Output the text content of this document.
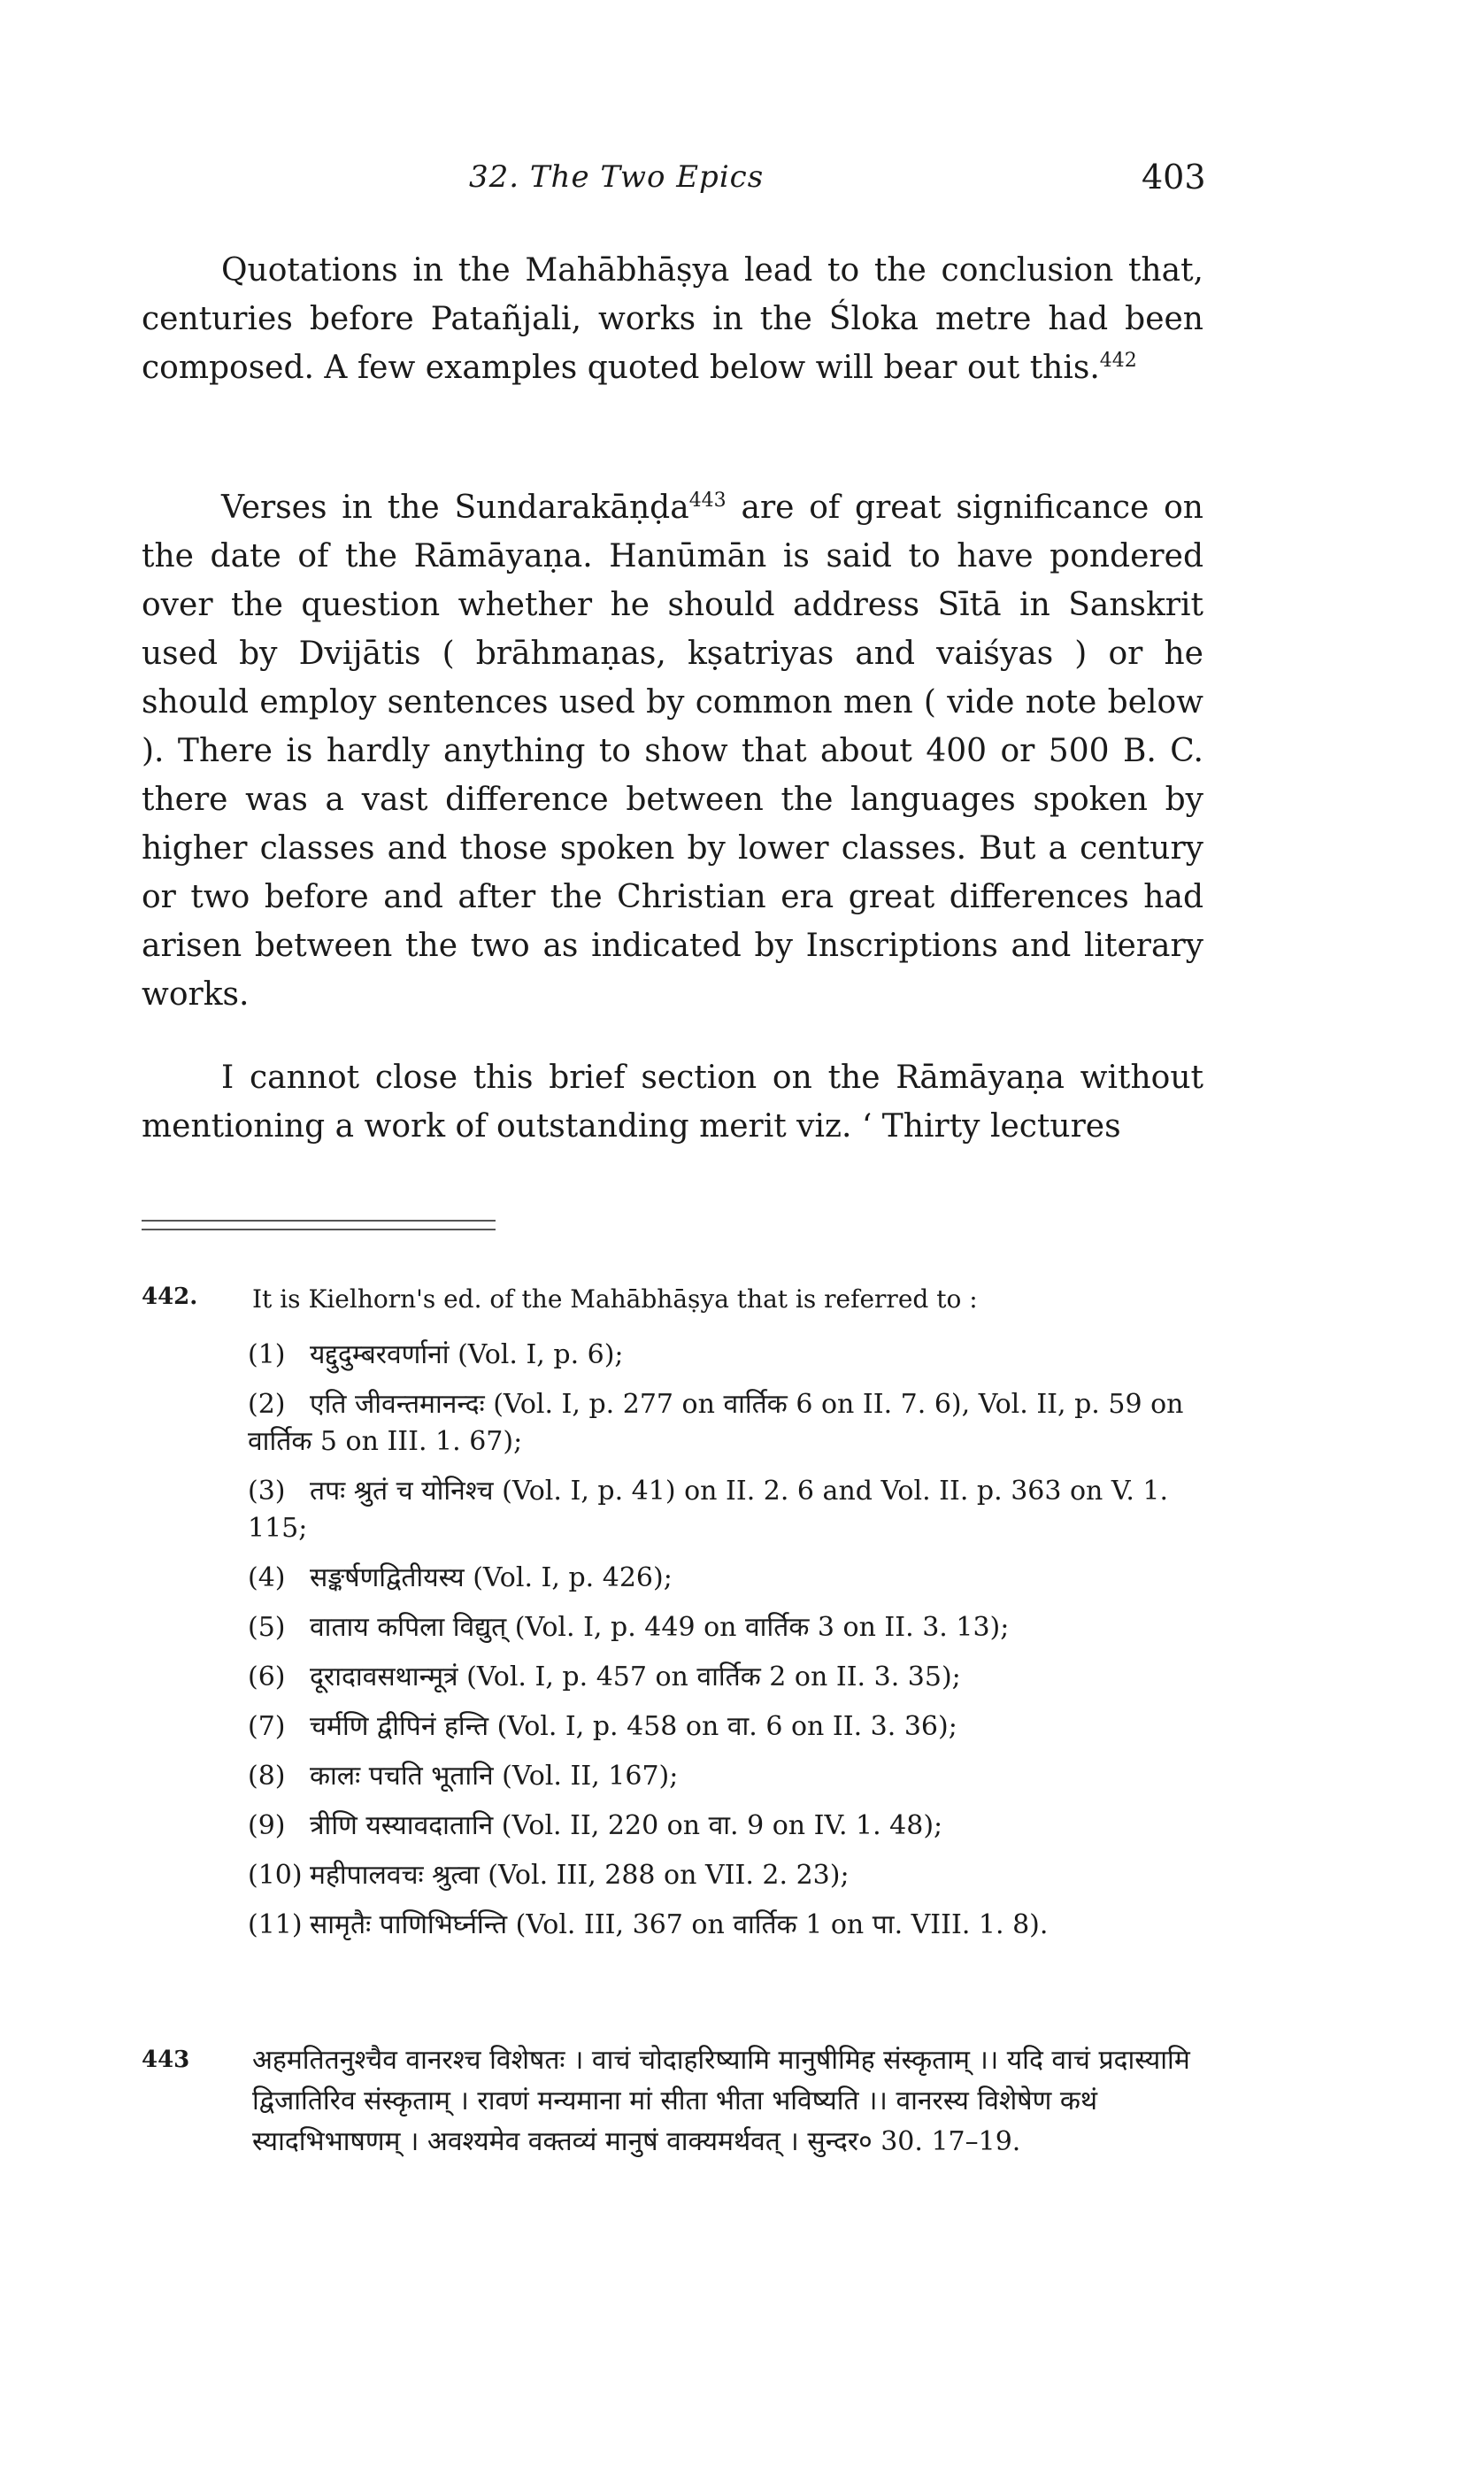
32. The Two Epics	403

Quotations in the Mahābhāṣya lead to the conclusion that, centuries before Patañjali, works in the Śloka metre had been composed. A few examples quoted below will bear out this.$^{442}$

Verses in the Sundarakāṇḍa$^{443}$ are of great significance on the date of the Rāmāyaṇa. Hanūmān is said to have pondered over the question whether he should address Sītā in Sanskrit used by Dvijātis ( brāhmaṇas, kṣatriyas and vaiśyas ) or he should employ sentences used by common men ( vide note below ). There is hardly anything to show that about 400 or 500 B. C. there was a vast difference between the languages spoken by higher classes and those spoken by lower classes. But a century or two before and after the Christian era great differences had arisen between the two as indicated by Inscriptions and literary works.

I cannot close this brief section on the Rāmāyaṇa without mentioning a work of outstanding merit viz. ‘ Thirty lectures

442. It is Kielhorn's ed. of the Mahābhāṣya that is referred to :
(1) यद्दुदुम्बरवर्णानां (Vol. I, p. 6);
(2) एति जीवन्तमानन्दः (Vol. I, p. 277 on वार्तिक 6 on II. 7. 6), Vol. II, p. 59 on वार्तिक 5 on III. 1. 67);
(3) तपः श्रुतं च योनिश्च (Vol. I, p. 41) on II. 2. 6 and Vol. II. p. 363 on V. 1. 115;
(4) सङ्कर्षणद्वितीयस्य (Vol. I, p. 426);
(5) वाताय कपिला विद्युत् (Vol. I, p. 449 on वार्तिक 3 on II. 3. 13);
(6) दूरादावसथान्मूत्रं (Vol. I, p. 457 on वार्तिक 2 on II. 3. 35);
(7) चर्मणि द्वीपिनं हन्ति (Vol. I, p. 458 on वा. 6 on II. 3. 36);
(8) कालः पचति भूतानि (Vol. II, 167);
(9) त्रीणि यस्यावदातानि (Vol. II, 220 on वा. 9 on IV. 1. 48);
(10) महीपालवचः श्रुत्वा (Vol. III, 288 on VII. 2. 23);
(11) सामृतैः पाणिभिर्घ्नन्ति (Vol. III, 367 on वार्तिक 1 on पा. VIII. 1. 8).
443 अहमतितनुश्चैव वानरश्च विशेषतः । वाचं चोदाहरिष्यामि मानुषीमिह संस्कृताम् ।। यदि वाचं प्रदास्यामि द्विजातिरिव संस्कृताम् । रावणं मन्यमाना मां सीता भीता भविष्यति ।। वानरस्य विशेषेण कथं स्यादभिभाषणम् । अवश्यमेव वक्तव्यं मानुषं वाक्यमर्थवत् । सुन्दर० 30. 17–19.
